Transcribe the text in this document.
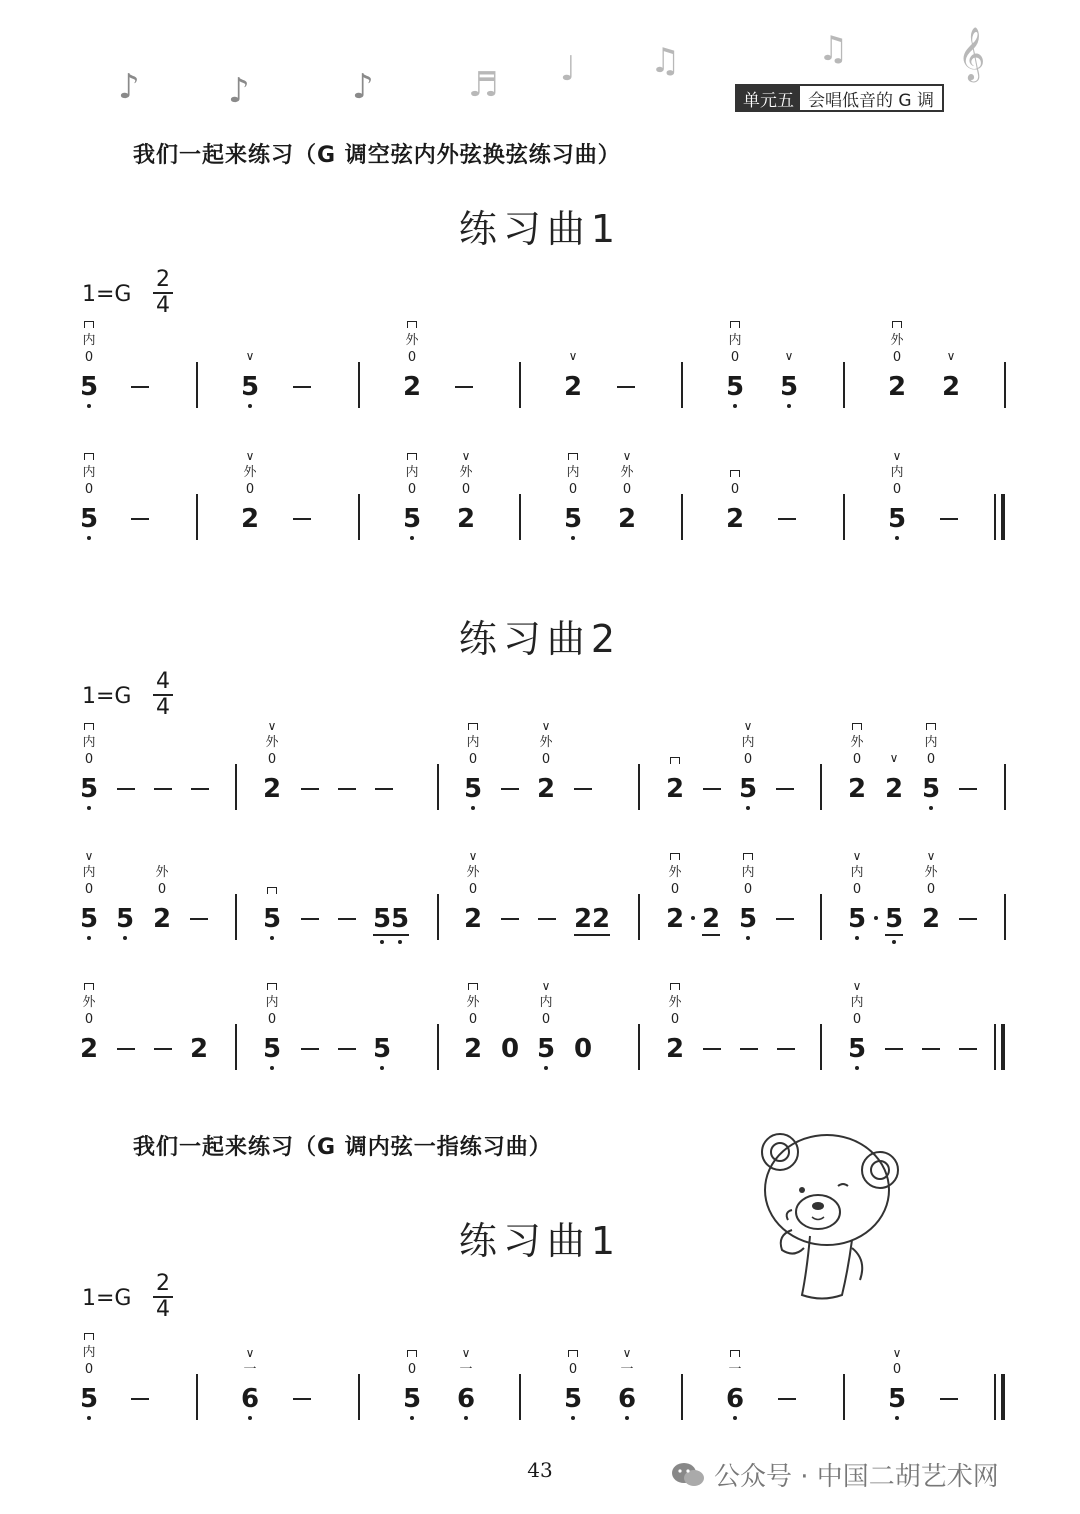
♪	♪	♪	♬ ♩ ♫	♫ 𝄞
单元五 会唱低音的 G 调
我们一起来练习（G 调空弦内外弦换弦练习曲）
练习曲1
1=G
2
4
内
0
5
∨
5
外
0
2
∨
2
内
0
5
∨
5
外
0
2
∨
2
内
0
5
∨
外
0
2
内
0
5
∨
外
0
2
内
0
5
∨
外
0
2
0
2
∨
内
0
5
练习曲2
1=G
4
4
内
0
5
∨
外
0
2
内
0
5
∨
外
0
2	2
∨
内
0
5
外
0
2
∨
2
内
0
5
∨
内
0
5 5
外
0
2	5	5 5
∨
外
0
2	2 2
外
0
2 2
内
0
5
∨
内
0
5 5
∨
外
0
2
外
0
2	2
内
0
5	5
外
0
2 0
∨
内
0
5 0
外
0
2
∨
内
0
5
我们一起来练习（G 调内弦一指练习曲）
练习曲1
1=G
2
4
内
0
5
∨
一
6
0
5
∨
一
6
0
5
∨
一
6
一
6
∨
0
5
43	公众号 · 中国二胡艺术网
